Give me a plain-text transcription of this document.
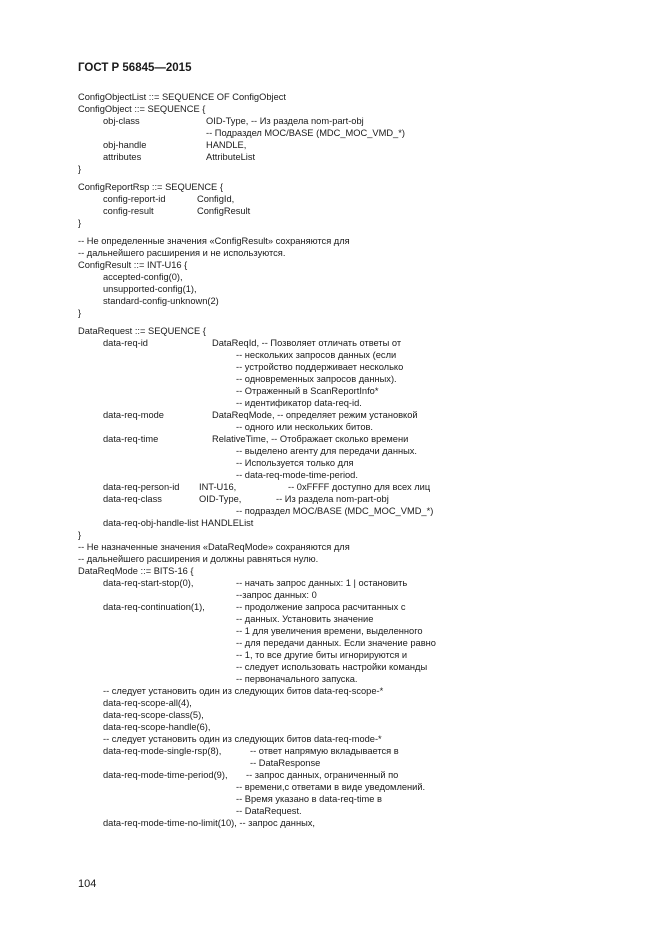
ГОСТ Р 56845—2015
ConfigObjectList ::= SEQUENCE OF ConfigObject
ConfigObject ::= SEQUENCE {
obj-class	OID-Type, -- Из раздела nom-part-obj
-- Подраздел MOC/BASE (MDC_MOC_VMD_*)
obj-handle	HANDLE,
attributes	AttributeList
}
ConfigReportRsp ::= SEQUENCE {
config-report-id	ConfigId,
config-result	ConfigResult
}
-- Не определенные значения «ConfigResult» сохраняются для
-- дальнейшего расширения и не используются.
ConfigResult ::= INT-U16 {
accepted-config(0),
unsupported-config(1),
standard-config-unknown(2)
}
DataRequest ::= SEQUENCE {
data-req-id	DataReqId, -- Позволяет отличать ответы от
-- нескольких запросов данных (если
-- устройство поддерживает несколько
-- одновременных запросов данных).
-- Отраженный в ScanReportInfo*
-- идентификатор data-req-id.
data-req-mode	DataReqMode, -- определяет режим установкой
-- одного или нескольких битов.
data-req-time	RelativeTime, -- Отображает сколько времени
-- выделено агенту для передачи данных.
-- Используется только для
-- data-req-mode-time-period.
data-req-person-id INT-U16,	-- 0xFFFF доступно для всех лиц
data-req-class	OID-Type,	-- Из раздела nom-part-obj
-- подраздел MOC/BASE (MDC_MOC_VMD_*)
data-req-obj-handle-list HANDLEList
}
-- Не назначенные значения «DataReqMode» сохраняются для
-- дальнейшего расширения и должны равняться нулю.
DataReqMode ::= BITS-16 {
data-req-start-stop(0),	-- начать запрос данных: 1 | остановить
--запрос данных: 0
data-req-continuation(1),	-- продолжение запроса расчитанных с
-- данных. Установить значение
-- 1 для увеличения времени, выделенного
-- для передачи данных. Если значение равно
-- 1, то все другие биты игнорируются и
-- следует использовать настройки команды
-- первоначального запуска.
-- следует установить один из следующих битов data-req-scope-*
data-req-scope-all(4),
data-req-scope-class(5),
data-req-scope-handle(6),
-- следует установить один из следующих битов data-req-mode-*
data-req-mode-single-rsp(8),	-- ответ напрямую вкладывается в
-- DataResponse
data-req-mode-time-period(9), -- запрос данных, ограниченный по
-- времени,с ответами в виде уведомлений.
-- Время указано в data-req-time в
-- DataRequest.
data-req-mode-time-no-limit(10), -- запрос данных,
104
